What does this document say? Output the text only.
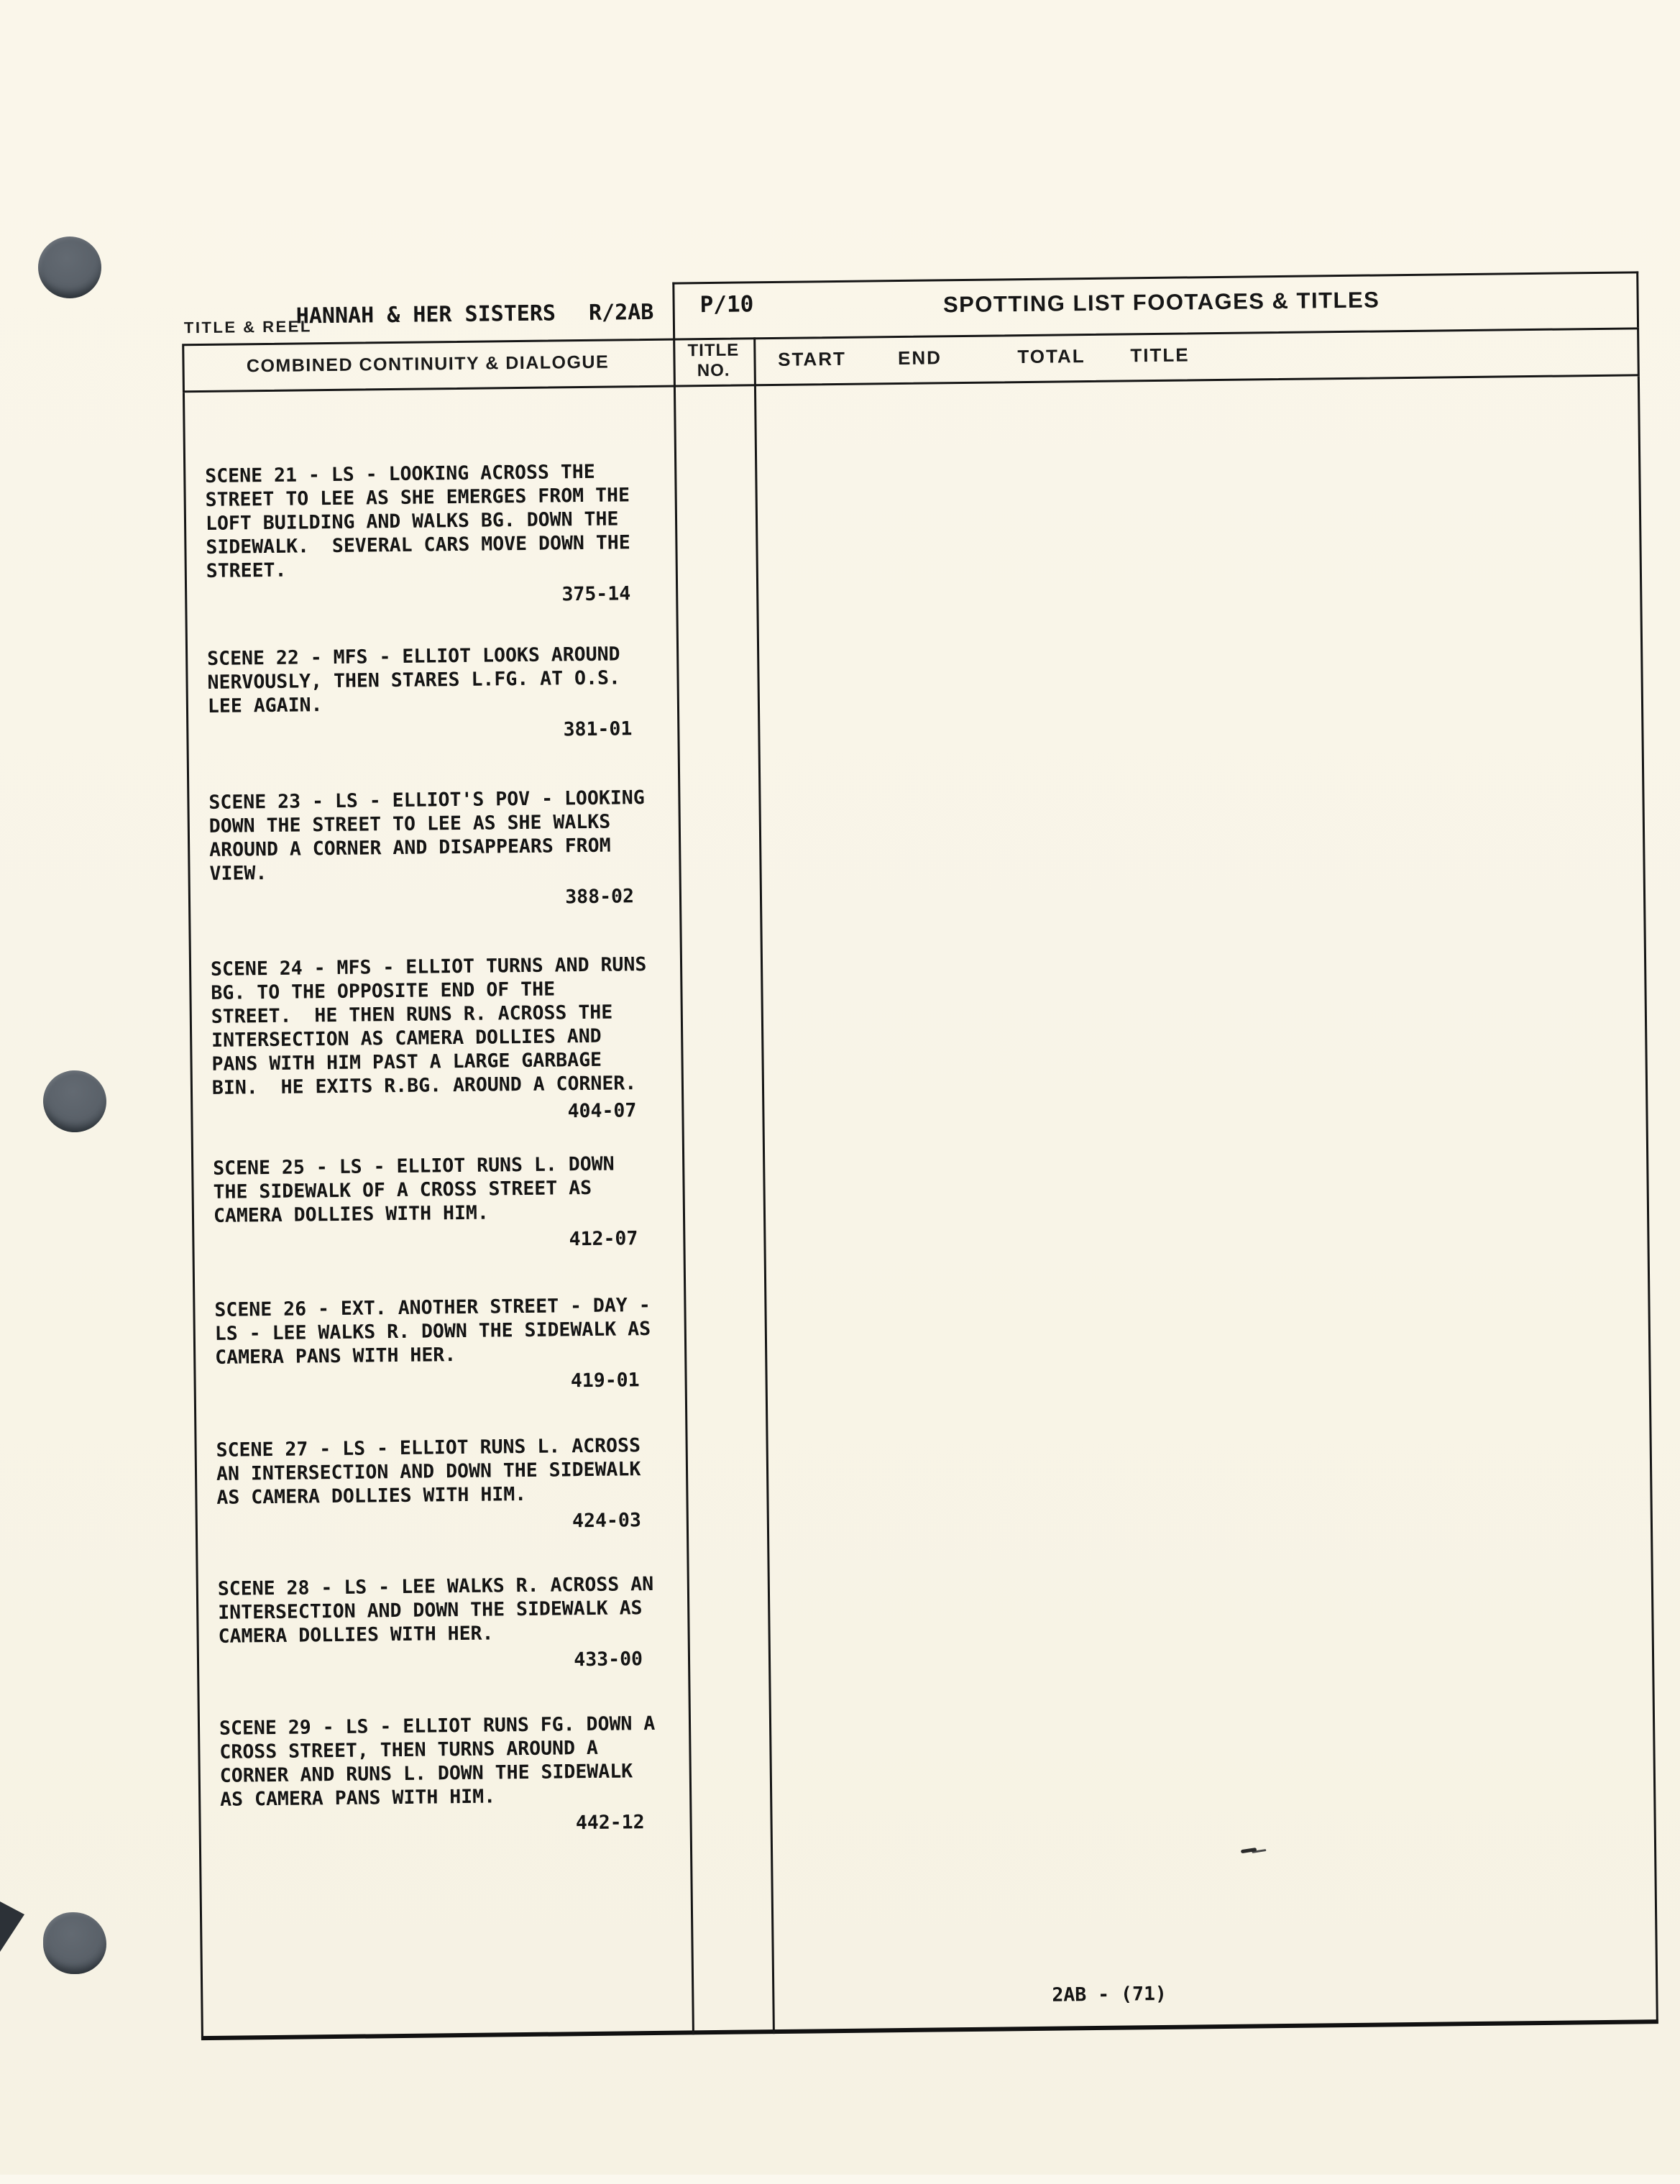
TITLE & REEL
HANNAH & HER SISTERS R/2AB P/10	SPOTTING LIST FOOTAGES & TITLES
COMBINED CONTINUITY & DIALOGUE
TITLE
NO.
START	END	TOTAL TITLE
SCENE 21 - LS - LOOKING ACROSS THE
STREET TO LEE AS SHE EMERGES FROM THE
LOFT BUILDING AND WALKS BG. DOWN THE
SIDEWALK.  SEVERAL CARS MOVE DOWN THE
STREET.
375-14
SCENE 22 - MFS - ELLIOT LOOKS AROUND
NERVOUSLY, THEN STARES L.FG. AT O.S.
LEE AGAIN.
381-01
SCENE 23 - LS - ELLIOT'S POV - LOOKING
DOWN THE STREET TO LEE AS SHE WALKS
AROUND A CORNER AND DISAPPEARS FROM
VIEW.
388-02
SCENE 24 - MFS - ELLIOT TURNS AND RUNS
BG. TO THE OPPOSITE END OF THE
STREET.  HE THEN RUNS R. ACROSS THE
INTERSECTION AS CAMERA DOLLIES AND
PANS WITH HIM PAST A LARGE GARBAGE
BIN.  HE EXITS R.BG. AROUND A CORNER.
404-07
SCENE 25 - LS - ELLIOT RUNS L. DOWN
THE SIDEWALK OF A CROSS STREET AS
CAMERA DOLLIES WITH HIM.
412-07
SCENE 26 - EXT. ANOTHER STREET - DAY -
LS - LEE WALKS R. DOWN THE SIDEWALK AS
CAMERA PANS WITH HER.
419-01
SCENE 27 - LS - ELLIOT RUNS L. ACROSS
AN INTERSECTION AND DOWN THE SIDEWALK
AS CAMERA DOLLIES WITH HIM.
424-03
SCENE 28 - LS - LEE WALKS R. ACROSS AN
INTERSECTION AND DOWN THE SIDEWALK AS
CAMERA DOLLIES WITH HER.
433-00
SCENE 29 - LS - ELLIOT RUNS FG. DOWN A
CROSS STREET, THEN TURNS AROUND A
CORNER AND RUNS L. DOWN THE SIDEWALK
AS CAMERA PANS WITH HIM.
442-12
2AB - (71)
